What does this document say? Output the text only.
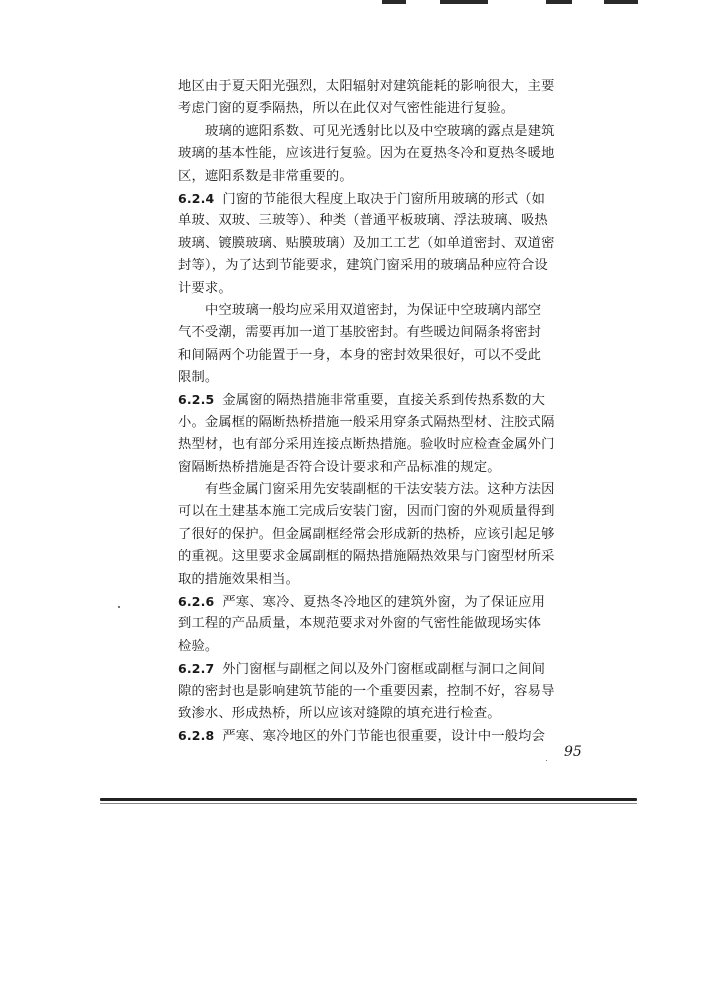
地区由于夏天阳光强烈，太阳辐射对建筑能耗的影响很大，主要
考虑门窗的夏季隔热，所以在此仅对气密性能进行复验。
玻璃的遮阳系数、可见光透射比以及中空玻璃的露点是建筑
玻璃的基本性能，应该进行复验。因为在夏热冬冷和夏热冬暖地
区，遮阳系数是非常重要的。
6.2.4 门窗的节能很大程度上取决于门窗所用玻璃的形式（如
单玻、双玻、三玻等）、种类（普通平板玻璃、浮法玻璃、吸热
玻璃、镀膜玻璃、贴膜玻璃）及加工工艺（如单道密封、双道密
封等），为了达到节能要求，建筑门窗采用的玻璃品种应符合设
计要求。
中空玻璃一般均应采用双道密封，为保证中空玻璃内部空
气不受潮，需要再加一道丁基胶密封。有些暖边间隔条将密封
和间隔两个功能置于一身，本身的密封效果很好，可以不受此
限制。
6.2.5 金属窗的隔热措施非常重要，直接关系到传热系数的大
小。金属框的隔断热桥措施一般采用穿条式隔热型材、注胶式隔
热型材，也有部分采用连接点断热措施。验收时应检查金属外门
窗隔断热桥措施是否符合设计要求和产品标准的规定。
有些金属门窗采用先安装副框的干法安装方法。这种方法因
可以在土建基本施工完成后安装门窗，因而门窗的外观质量得到
了很好的保护。但金属副框经常会形成新的热桥，应该引起足够
的重视。这里要求金属副框的隔热措施隔热效果与门窗型材所采
取的措施效果相当。
6.2.6 严寒、寒冷、夏热冬冷地区的建筑外窗，为了保证应用
到工程的产品质量，本规范要求对外窗的气密性能做现场实体
检验。
6.2.7 外门窗框与副框之间以及外门窗框或副框与洞口之间间
隙的密封也是影响建筑节能的一个重要因素，控制不好，容易导
致渗水、形成热桥，所以应该对缝隙的填充进行检查。
6.2.8 严寒、寒冷地区的外门节能也很重要，设计中一般均会
95
